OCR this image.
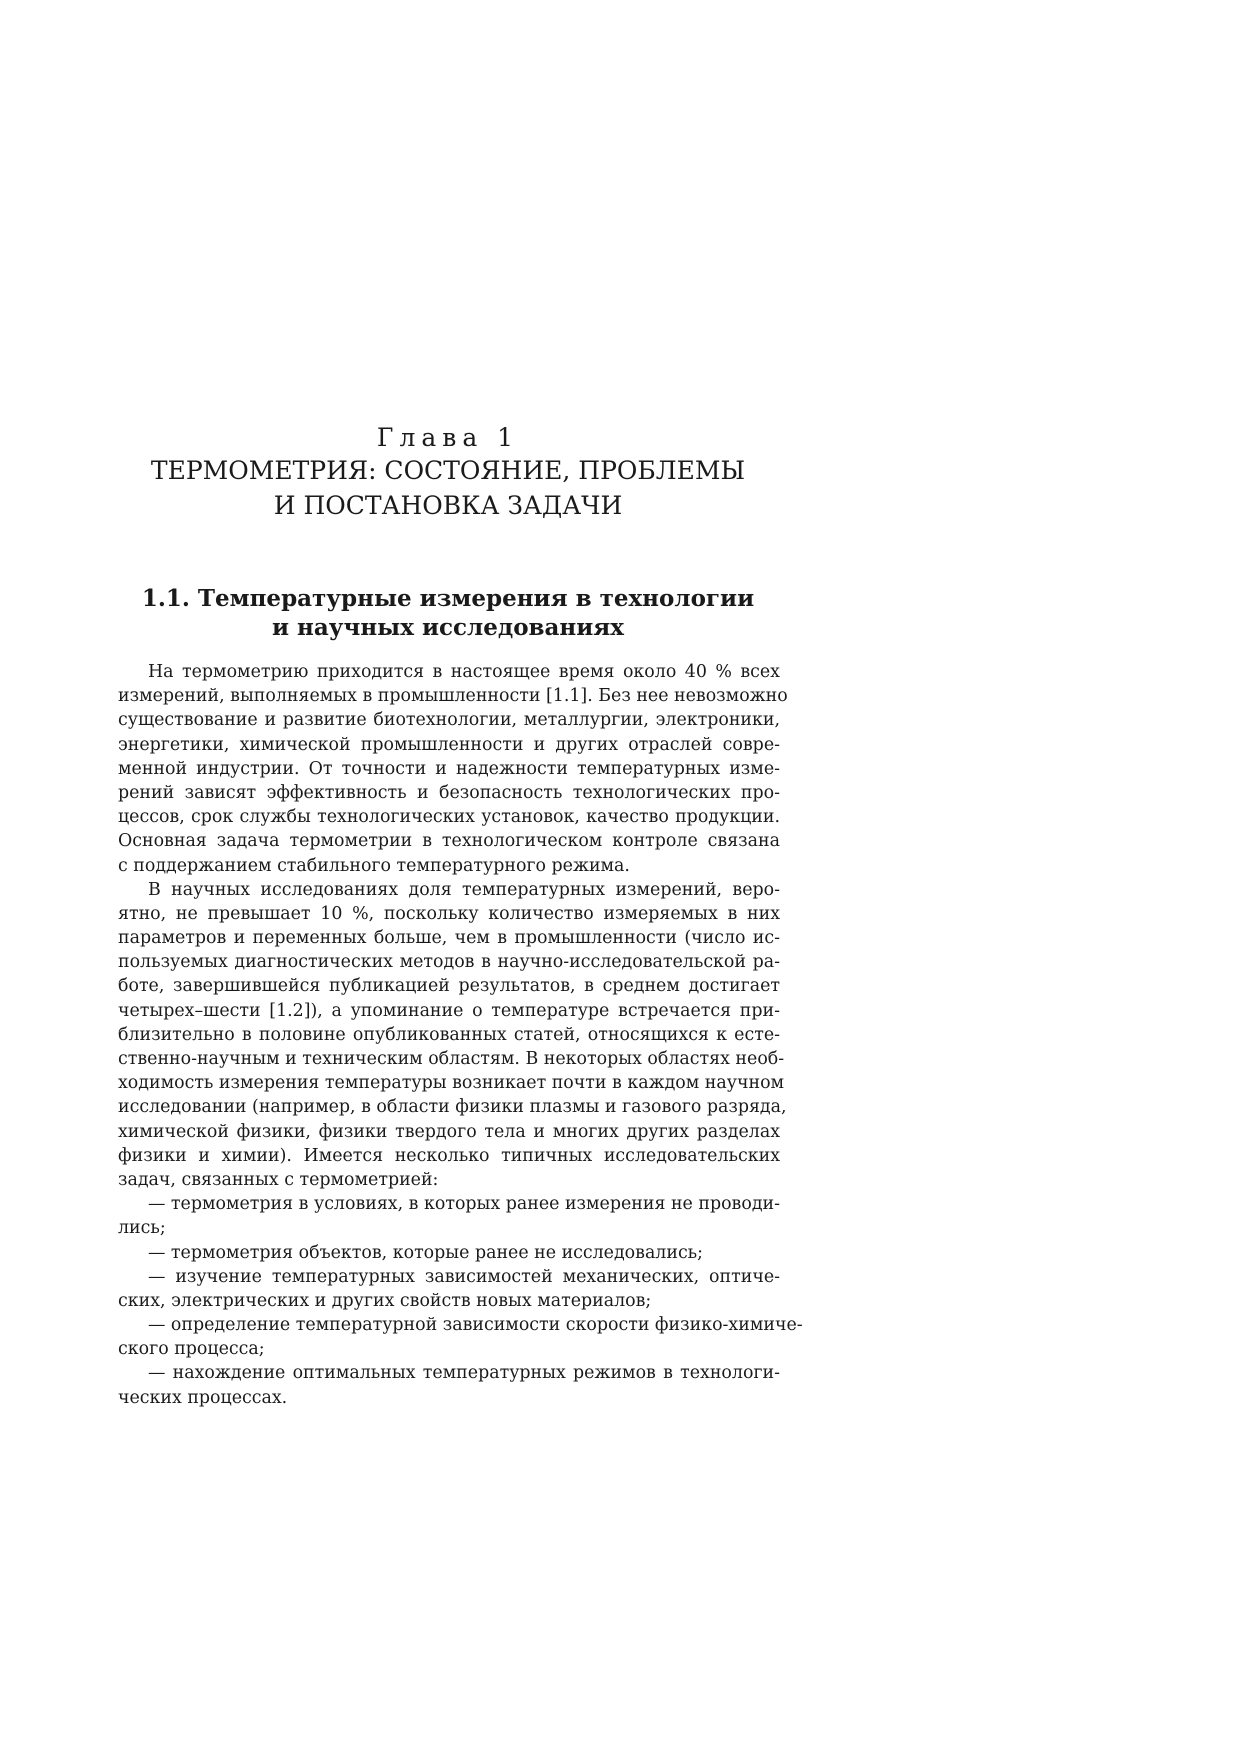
Глава 1
ТЕРМОМЕТРИЯ: СОСТОЯНИЕ, ПРОБЛЕМЫ
И ПОСТАНОВКА ЗАДАЧИ
1.1. Температурные измерения в технологии
и научных исследованиях
На термометрию приходится в настоящее время около 40 % всех
измерений, выполняемых в промышленности [1.1]. Без нее невозможно
существование и развитие биотехнологии, металлургии, электроники,
энергетики, химической промышленности и других отраслей совре-
менной индустрии. От точности и надежности температурных изме-
рений зависят эффективность и безопасность технологических про-
цессов, срок службы технологических установок, качество продукции.
Основная задача термометрии в технологическом контроле связана
с поддержанием стабильного температурного режима.
В научных исследованиях доля температурных измерений, веро-
ятно, не превышает 10 %, поскольку количество измеряемых в них
параметров и переменных больше, чем в промышленности (число ис-
пользуемых диагностических методов в научно-исследовательской ра-
боте, завершившейся публикацией результатов, в среднем достигает
четырех–шести [1.2]), а упоминание о температуре встречается при-
близительно в половине опубликованных статей, относящихся к есте-
ственно-научным и техническим областям. В некоторых областях необ-
ходимость измерения температуры возникает почти в каждом научном
исследовании (например, в области физики плазмы и газового разряда,
химической физики, физики твердого тела и многих других разделах
физики и химии). Имеется несколько типичных исследовательских
задач, связанных с термометрией:
— термометрия в условиях, в которых ранее измерения не проводи-
лись;
— термометрия объектов, которые ранее не исследовались;
— изучение температурных зависимостей механических, оптиче-
ских, электрических и других свойств новых материалов;
— определение температурной зависимости скорости физико-химиче-
ского процесса;
— нахождение оптимальных температурных режимов в технологи-
ческих процессах.
